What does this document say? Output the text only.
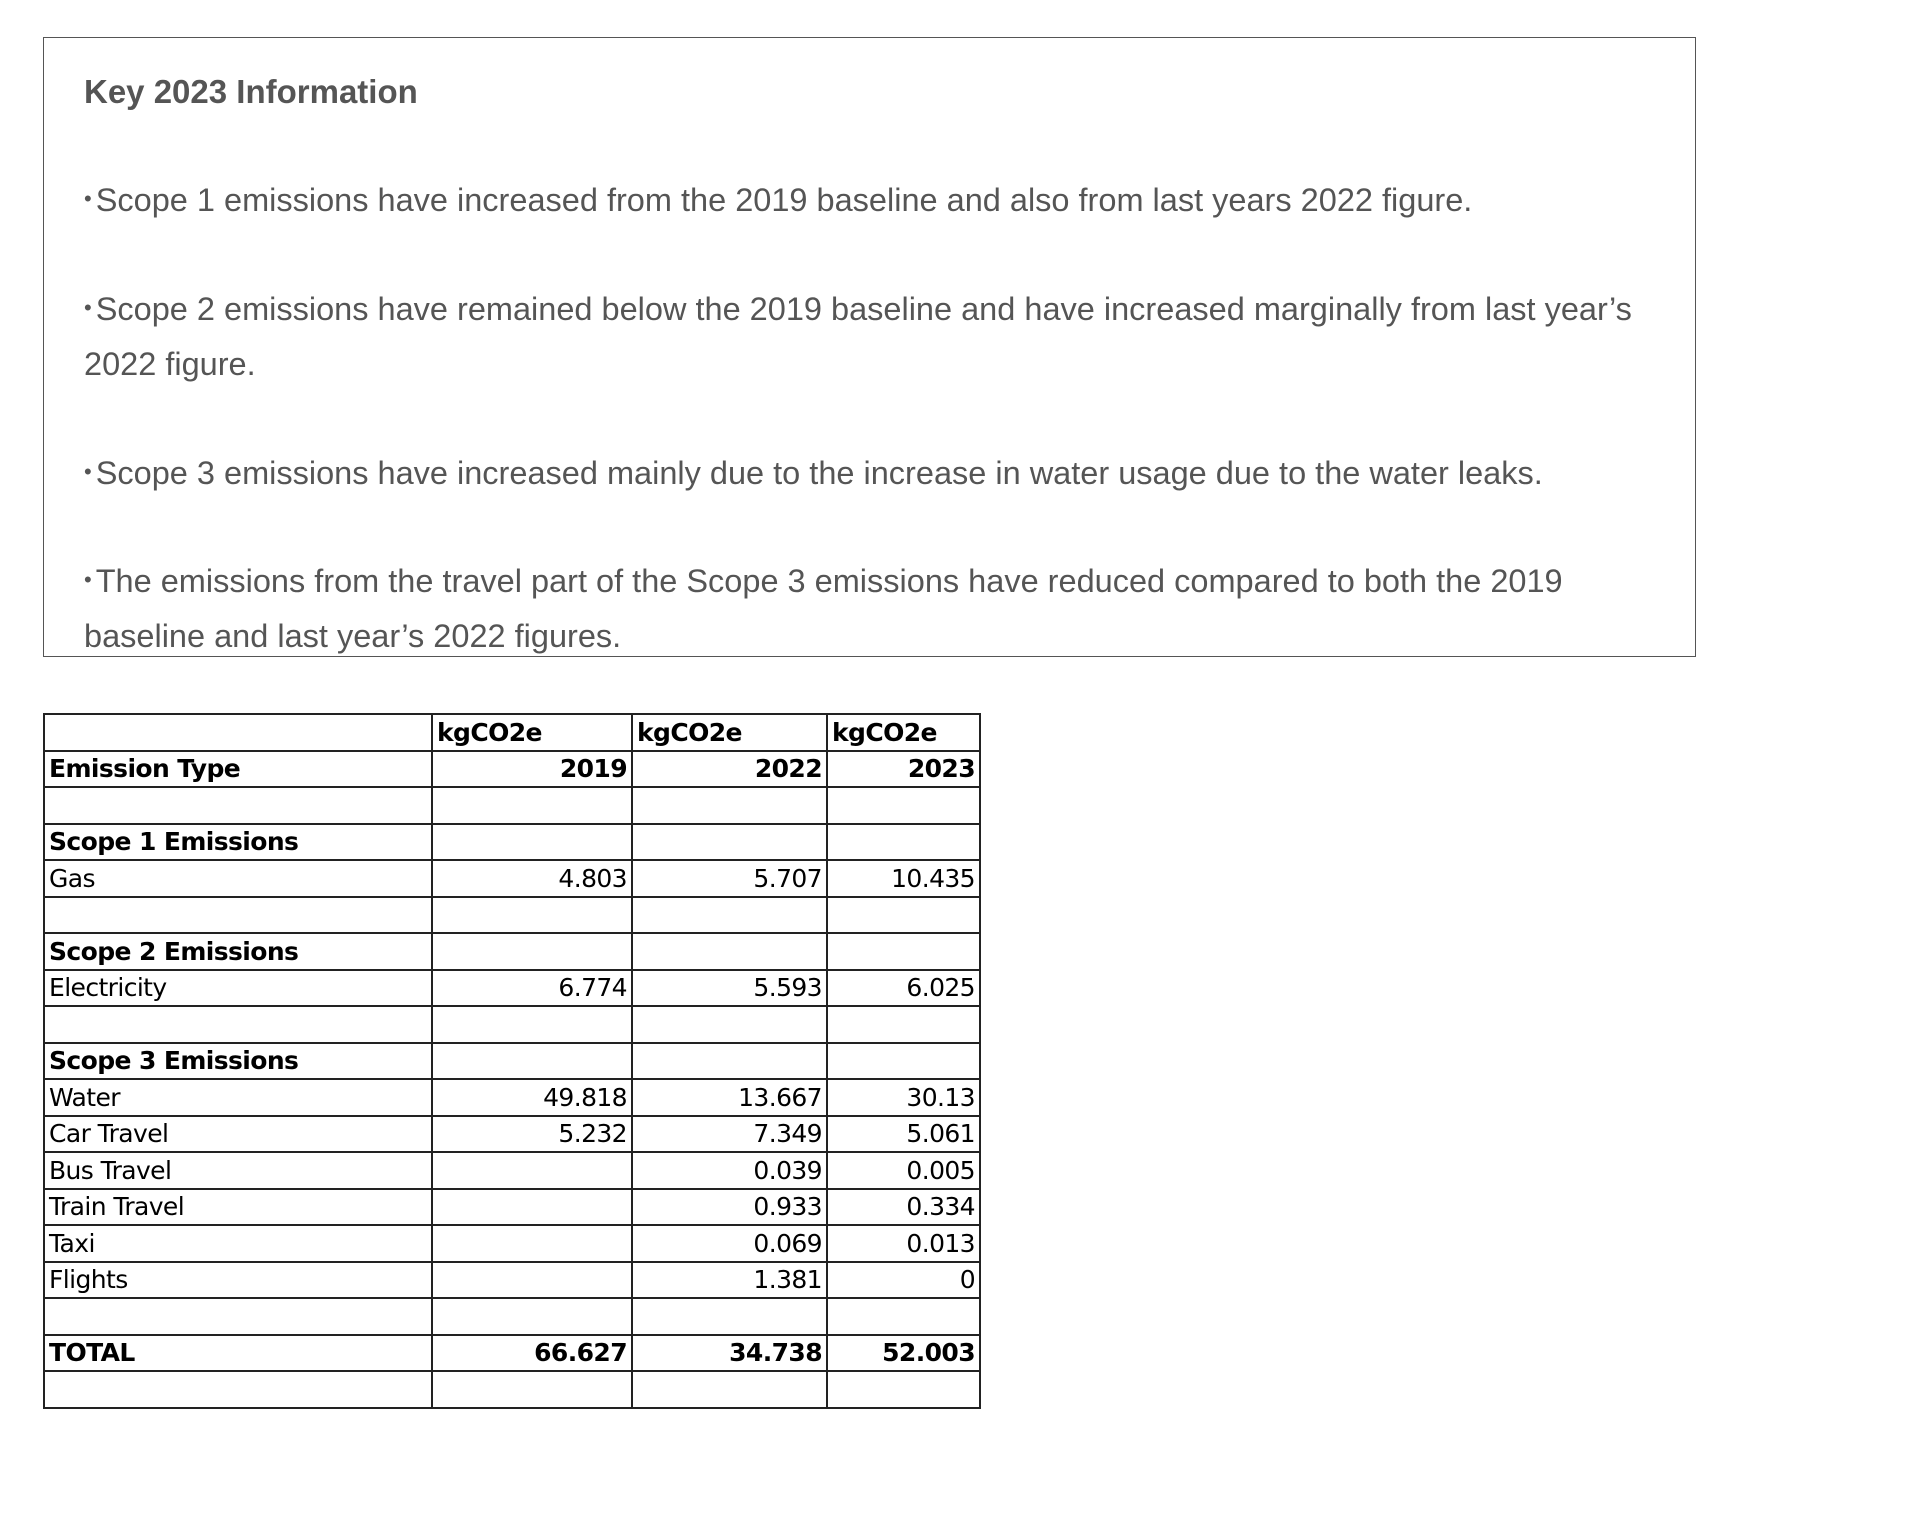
Key 2023 Information

• Scope 1 emissions have increased from the 2019 baseline and also from last years 2022 figure.

• Scope 2 emissions have remained below the 2019 baseline and have increased marginally from last year’s 2022 figure.

• Scope 3 emissions have increased mainly due to the increase in water usage due to the water leaks.

• The emissions from the travel part of the Scope 3 emissions have reduced compared to both the 2019 baseline and last year’s 2022 figures.

	kgCO2e	kgCO2e	kgCO2e
Emission Type	2019	2022	2023

Scope 1 Emissions			
Gas	4.803	5.707	10.435

Scope 2 Emissions			
Electricity	6.774	5.593	6.025

Scope 3 Emissions			
Water	49.818	13.667	30.13
Car Travel	5.232	7.349	5.061
Bus Travel		0.039	0.005
Train Travel		0.933	0.334
Taxi		0.069	0.013
Flights		1.381	0

TOTAL	66.627	34.738	52.003
